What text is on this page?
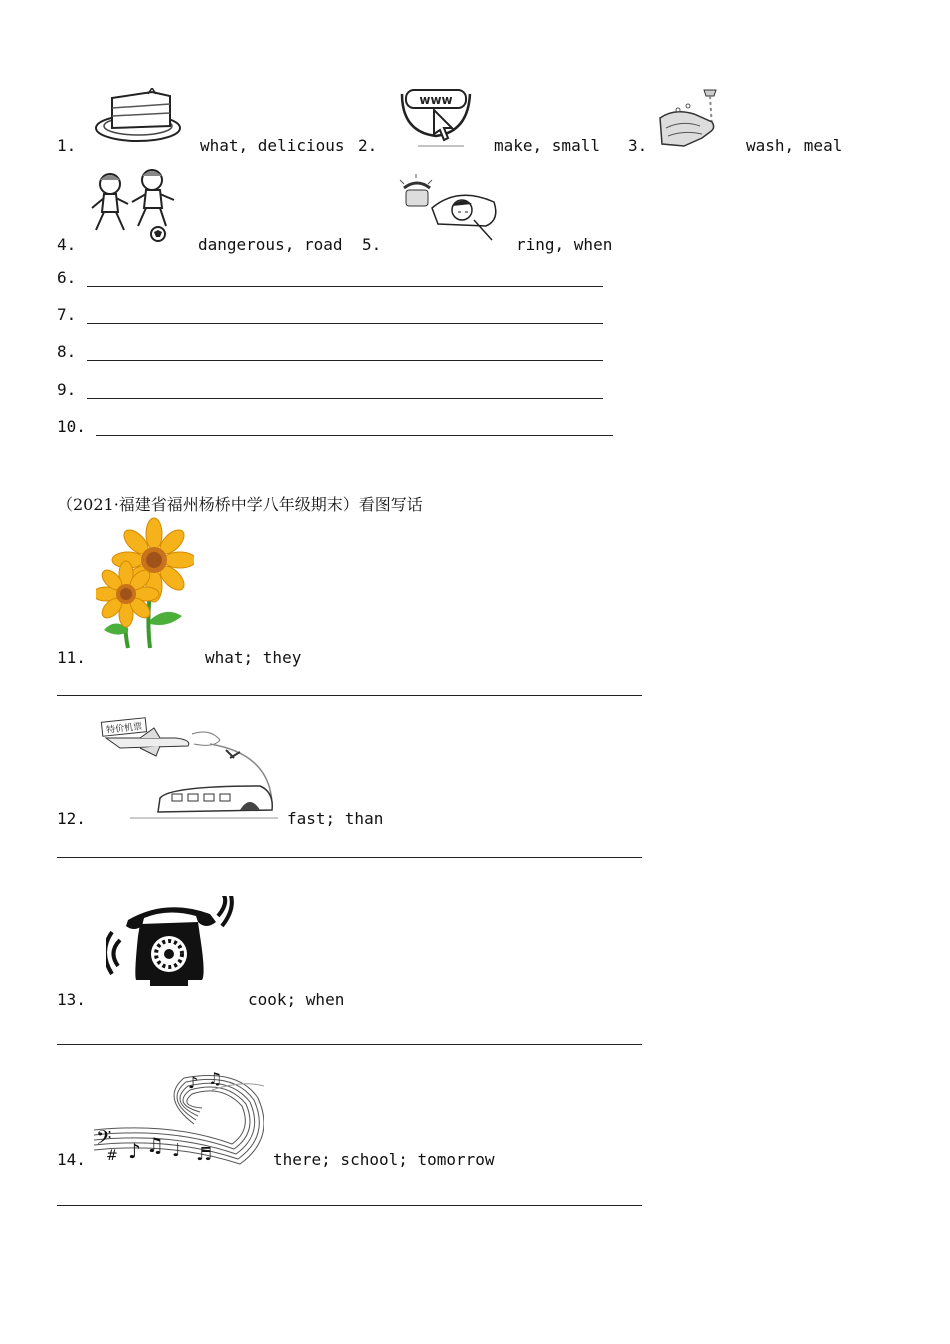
1.	what, delicious 2.
www
make, small 3.	wash, meal
4.	dangerous, road 5.	ring, when
6.
7.
8.
9.
10.
（2021·福建省福州杨桥中学八年级期末）看图写话
11.	what; they
特价机票
12.	fast; than
13.	cook; when
𝄢
# ♪ ♫ ♩ ♬
♪ ♫
14.	there; school; tomorrow
